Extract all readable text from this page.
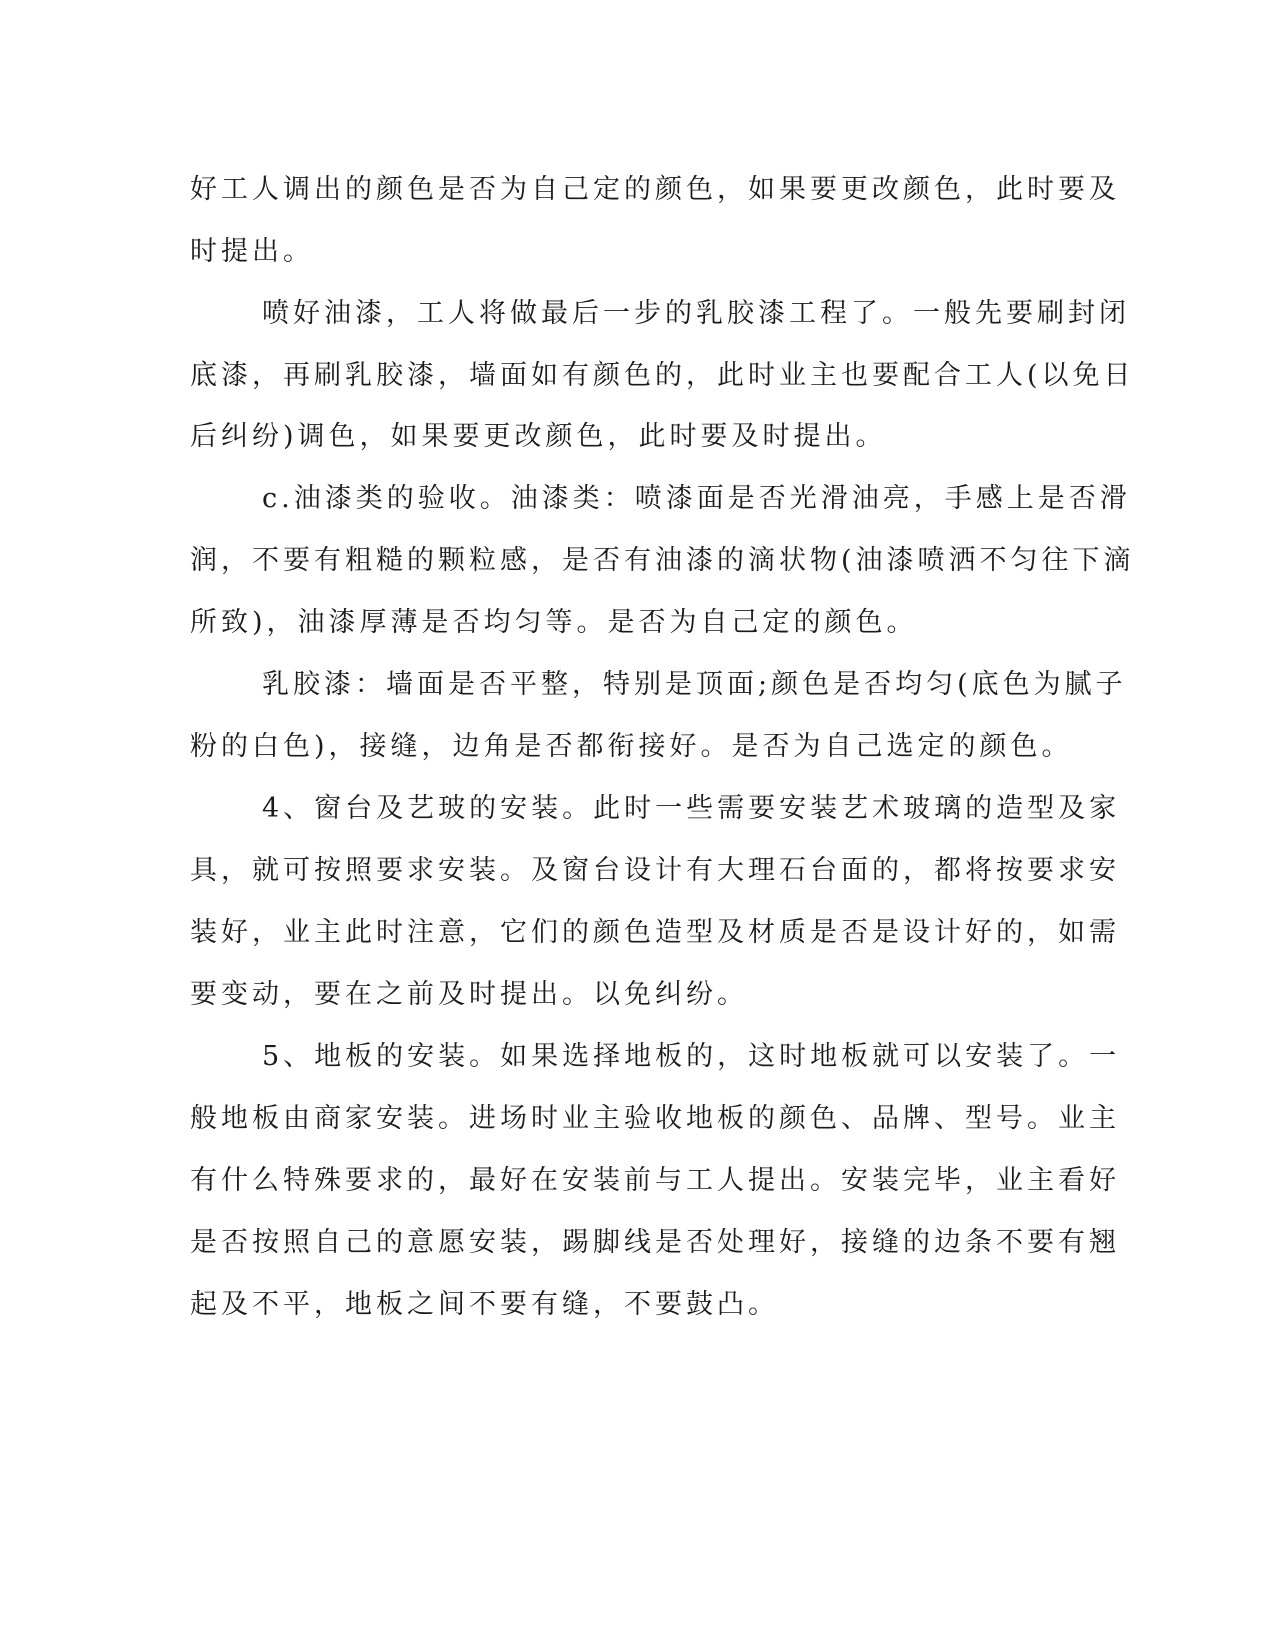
好工人调出的颜色是否为自己定的颜色，如果要更改颜色，此时要及
时提出。
喷好油漆，工人将做最后一步的乳胶漆工程了。一般先要刷封闭
底漆，再刷乳胶漆，墙面如有颜色的，此时业主也要配合工人(以免日
后纠纷)调色，如果要更改颜色，此时要及时提出。
c.油漆类的验收。油漆类：喷漆面是否光滑油亮，手感上是否滑
润，不要有粗糙的颗粒感，是否有油漆的滴状物(油漆喷洒不匀往下滴
所致)，油漆厚薄是否均匀等。是否为自己定的颜色。
乳胶漆：墙面是否平整，特别是顶面;颜色是否均匀(底色为腻子
粉的白色)，接缝，边角是否都衔接好。是否为自己选定的颜色。
4、窗台及艺玻的安装。此时一些需要安装艺术玻璃的造型及家
具，就可按照要求安装。及窗台设计有大理石台面的，都将按要求安
装好，业主此时注意，它们的颜色造型及材质是否是设计好的，如需
要变动，要在之前及时提出。以免纠纷。
5、地板的安装。如果选择地板的，这时地板就可以安装了。一
般地板由商家安装。进场时业主验收地板的颜色、品牌、型号。业主
有什么特殊要求的，最好在安装前与工人提出。安装完毕，业主看好
是否按照自己的意愿安装，踢脚线是否处理好，接缝的边条不要有翘
起及不平，地板之间不要有缝，不要鼓凸。
